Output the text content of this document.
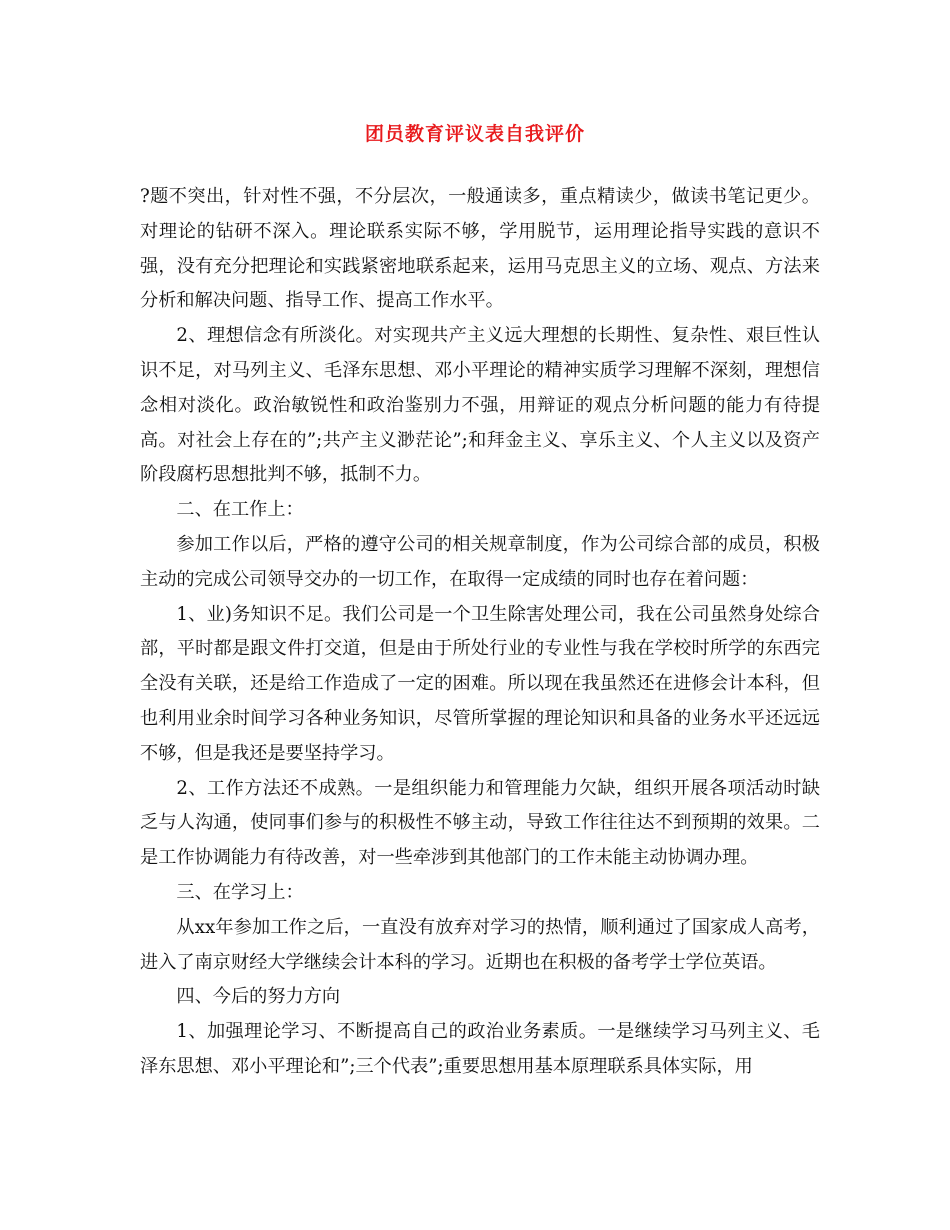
团员教育评议表自我评价

?题不突出，针对性不强，不分层次，一般通读多，重点精读少，做读书笔记更少。对理论的钻研不深入。理论联系实际不够，学用脱节，运用理论指导实践的意识不强，没有充分把理论和实践紧密地联系起来，运用马克思主义的立场、观点、方法来分析和解决问题、指导工作、提高工作水平。

2、理想信念有所淡化。对实现共产主义远大理想的长期性、复杂性、艰巨性认识不足，对马列主义、毛泽东思想、邓小平理论的精神实质学习理解不深刻，理想信念相对淡化。政治敏锐性和政治鉴别力不强，用辩证的观点分析问题的能力有待提高。对社会上存在的”;共产主义渺茫论”;和拜金主义、享乐主义、个人主义以及资产阶段腐朽思想批判不够，抵制不力。

二、在工作上：

参加工作以后，严格的遵守公司的相关规章制度，作为公司综合部的成员，积极主动的完成公司领导交办的一切工作，在取得一定成绩的同时也存在着问题：

1、业)务知识不足。我们公司是一个卫生除害处理公司，我在公司虽然身处综合部，平时都是跟文件打交道，但是由于所处行业的专业性与我在学校时所学的东西完全没有关联，还是给工作造成了一定的困难。所以现在我虽然还在进修会计本科，但也利用业余时间学习各种业务知识，尽管所掌握的理论知识和具备的业务水平还远远不够，但是我还是要坚持学习。

2、工作方法还不成熟。一是组织能力和管理能力欠缺，组织开展各项活动时缺乏与人沟通，使同事们参与的积极性不够主动，导致工作往往达不到预期的效果。二是工作协调能力有待改善，对一些牵涉到其他部门的工作未能主动协调办理。

三、在学习上：

从xx年参加工作之后，一直没有放弃对学习的热情，顺利通过了国家成人高考，进入了南京财经大学继续会计本科的学习。近期也在积极的备考学士学位英语。

四、今后的努力方向

1、加强理论学习、不断提高自己的政治业务素质。一是继续学习马列主义、毛泽东思想、邓小平理论和”;三个代表”;重要思想用基本原理联系具体实际，用
